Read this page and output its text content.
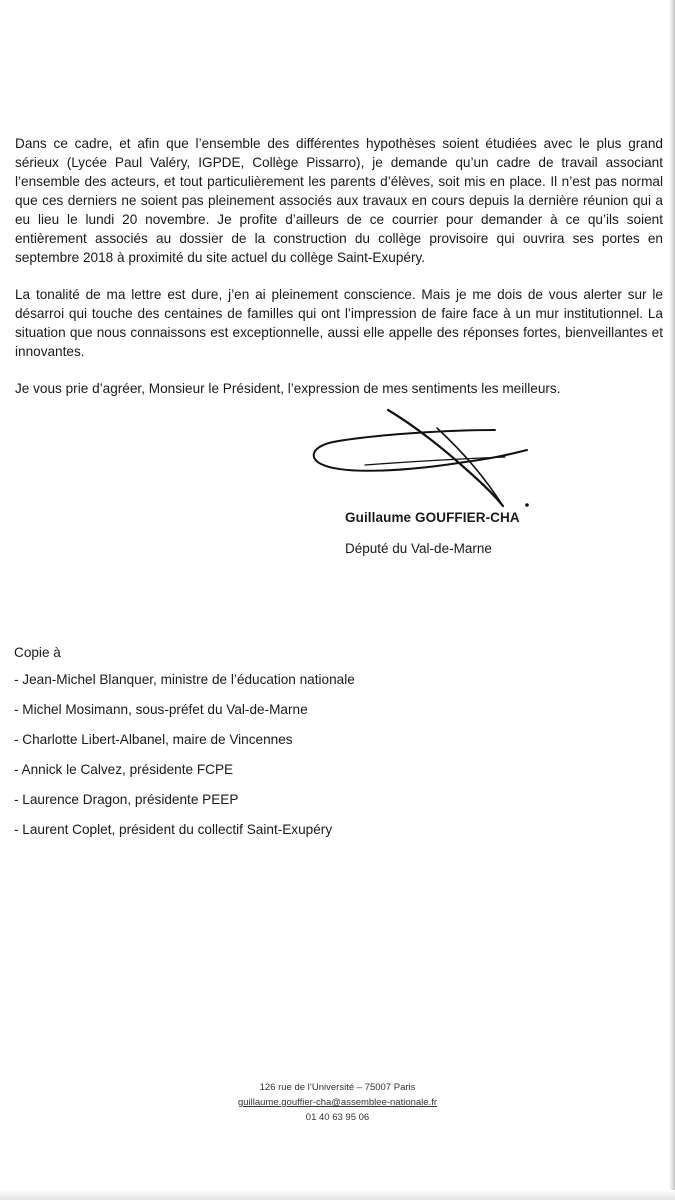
Dans ce cadre, et afin que l’ensemble des différentes hypothèses soient étudiées avec le plus grand sérieux (Lycée Paul Valéry, IGPDE, Collège Pissarro), je demande qu’un cadre de travail associant l’ensemble des acteurs, et tout particulièrement les parents d’élèves, soit mis en place. Il n’est pas normal que ces derniers ne soient pas pleinement associés aux travaux en cours depuis la dernière réunion qui a eu lieu le lundi 20 novembre. Je profite d’ailleurs de ce courrier pour demander à ce qu’ils soient entièrement associés au dossier de la construction du collège provisoire qui ouvrira ses portes en septembre 2018 à proximité du site actuel du collège Saint-Exupéry.

La tonalité de ma lettre est dure, j’en ai pleinement conscience. Mais je me dois de vous alerter sur le désarroi qui touche des centaines de familles qui ont l’impression de faire face à un mur institutionnel. La situation que nous connaissons est exceptionnelle, aussi elle appelle des réponses fortes, bienveillantes et innovantes.

Je vous prie d’agréer, Monsieur le Président, l’expression de mes sentiments les meilleurs.

Guillaume GOUFFIER-CHA
Député du Val-de-Marne
Copie à
- Jean-Michel Blanquer, ministre de l’éducation nationale
- Michel Mosimann, sous-préfet du Val-de-Marne
- Charlotte Libert-Albanel, maire de Vincennes
- Annick le Calvez, présidente FCPE
- Laurence Dragon, présidente PEEP
- Laurent Coplet, président du collectif Saint-Exupéry
126 rue de l’Université – 75007 Paris
guillaume.gouffier-cha@assemblee-nationale.fr
01 40 63 95 06
